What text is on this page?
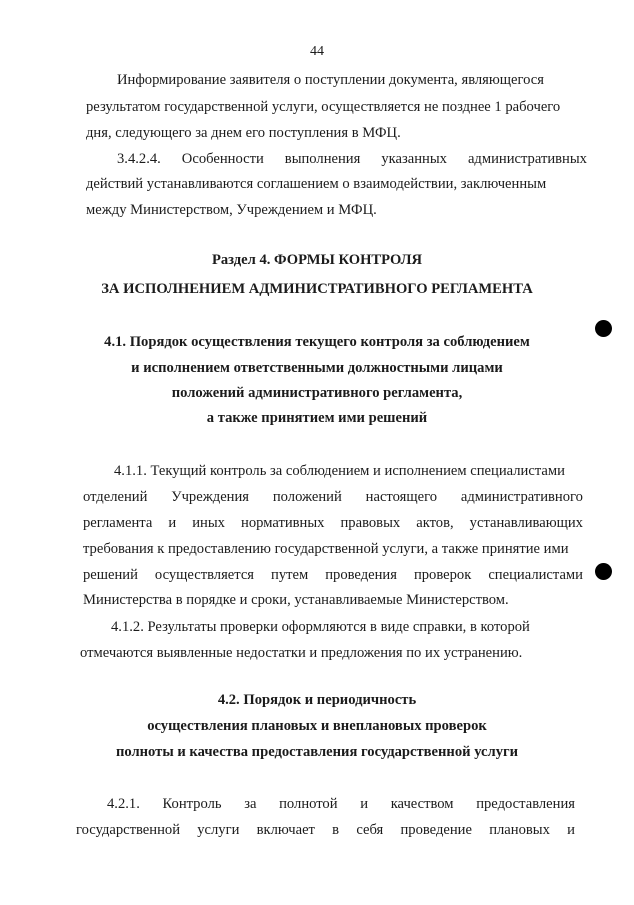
44
Информирование заявителя о поступлении документа, являющегося
результатом государственной услуги, осуществляется не позднее 1 рабочего
дня, следующего за днем его поступления в МФЦ.
3.4.2.4. Особенности выполнения указанных административных
действий устанавливаются соглашением о взаимодействии, заключенным
между Министерством, Учреждением и МФЦ.
Раздел 4. ФОРМЫ КОНТРОЛЯ
ЗА ИСПОЛНЕНИЕМ АДМИНИСТРАТИВНОГО РЕГЛАМЕНТА
4.1. Порядок осуществления текущего контроля за соблюдением
и исполнением ответственными должностными лицами
положений административного регламента,
а также принятием ими решений
4.1.1. Текущий контроль за соблюдением и исполнением специалистами
отделений Учреждения положений настоящего административного
регламента и иных нормативных правовых актов, устанавливающих
требования к предоставлению государственной услуги, а также принятие ими
решений осуществляется путем проведения проверок специалистами
Министерства в порядке и сроки, устанавливаемые Министерством.
4.1.2. Результаты проверки оформляются в виде справки, в которой
отмечаются выявленные недостатки и предложения по их устранению.
4.2. Порядок и периодичность
осуществления плановых и внеплановых проверок
полноты и качества предоставления государственной услуги
4.2.1. Контроль за полнотой и качеством предоставления
государственной услуги включает в себя проведение плановых и
